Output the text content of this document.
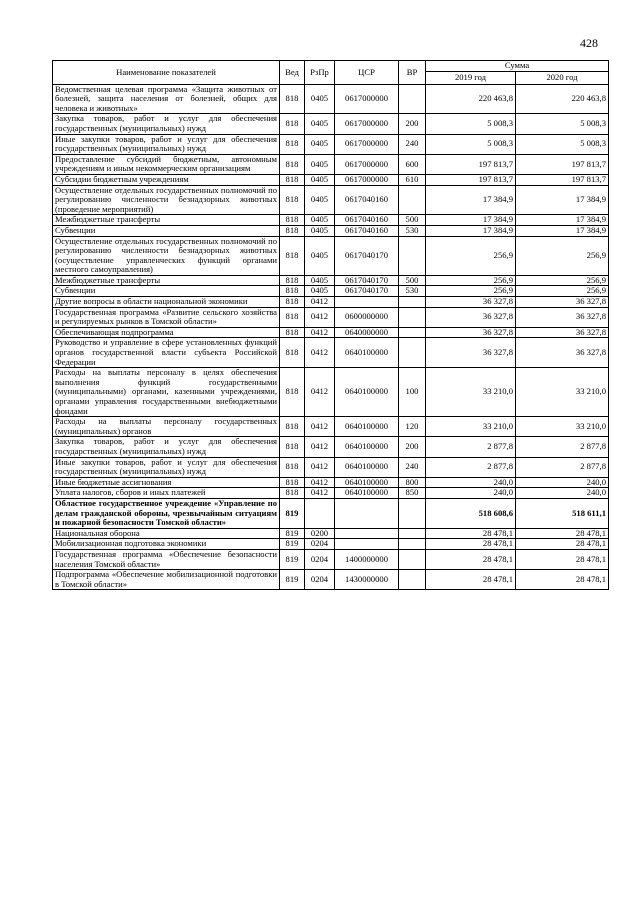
428
Наименование показателей	Вед	РзПр	ЦСР	ВР	Сумма	
					2019 год	2020 год
Ведомственная целевая программа «Защита животных от болезней, защита населения от болезней, общих для человека и животных»	818	0405	0617000000		220 463,8	220 463,8
Закупка товаров, работ и услуг для обеспечения государственных (муниципальных) нужд	818	0405	0617000000	200	5 008,3	5 008,3
Иные закупки товаров, работ и услуг для обеспечения государственных (муниципальных) нужд	818	0405	0617000000	240	5 008,3	5 008,3
Предоставление субсидий бюджетным, автономным учреждениям и иным некоммерческим организациям	818	0405	0617000000	600	197 813,7	197 813,7
Субсидии бюджетным учреждениям	818	0405	0617000000	610	197 813,7	197 813,7
Осуществление отдельных государственных полномочий по регулированию численности безнадзорных животных (проведение мероприятий)	818	0405	0617040160		17 384,9	17 384,9
Межбюджетные трансферты	818	0405	0617040160	500	17 384,9	17 384,9
Субвенции	818	0405	0617040160	530	17 384,9	17 384,9
Осуществление отдельных государственных полномочий по регулированию численности безнадзорных животных (осуществление управленческих функций органами местного самоуправления)	818	0405	0617040170		256,9	256,9
Межбюджетные трансферты	818	0405	0617040170	500	256,9	256,9
Субвенции	818	0405	0617040170	530	256,9	256,9
Другие вопросы в области национальной экономики	818	0412			36 327,8	36 327,8
Государственная программа «Развитие сельского хозяйства и регулируемых рынков в Томской области»	818	0412	0600000000		36 327,8	36 327,8
Обеспечивающая подпрограмма	818	0412	0640000000		36 327,8	36 327,8
Руководство и управление в сфере установленных функций органов государственной власти субъекта Российской Федерации	818	0412	0640100000		36 327,8	36 327,8
Расходы на выплаты персоналу в целях обеспечения выполнения функций государственными (муниципальными) органами, казенными учреждениями, органами управления государственными внебюджетными фондами	818	0412	0640100000	100	33 210,0	33 210,0
Расходы на выплаты персоналу государственных (муниципальных) органов	818	0412	0640100000	120	33 210,0	33 210,0
Закупка товаров, работ и услуг для обеспечения государственных (муниципальных) нужд	818	0412	0640100000	200	2 877,8	2 877,8
Иные закупки товаров, работ и услуг для обеспечения государственных (муниципальных) нужд	818	0412	0640100000	240	2 877,8	2 877,8
Иные бюджетные ассигнования	818	0412	0640100000	800	240,0	240,0
Уплата налогов, сборов и иных платежей	818	0412	0640100000	850	240,0	240,0
Областное государственное учреждение «Управление по делам гражданской обороны, чрезвычайным ситуациям и пожарной безопасности Томской области»	819				518 608,6	518 611,1
Национальная оборона	819	0200			28 478,1	28 478,1
Мобилизационная подготовка экономики	819	0204			28 478,1	28 478,1
Государственная программа «Обеспечение безопасности населения Томской области»	819	0204	1400000000		28 478,1	28 478,1
Подпрограмма «Обеспечение мобилизационной подготовки в Томской области»	819	0204	1430000000		28 478,1	28 478,1
